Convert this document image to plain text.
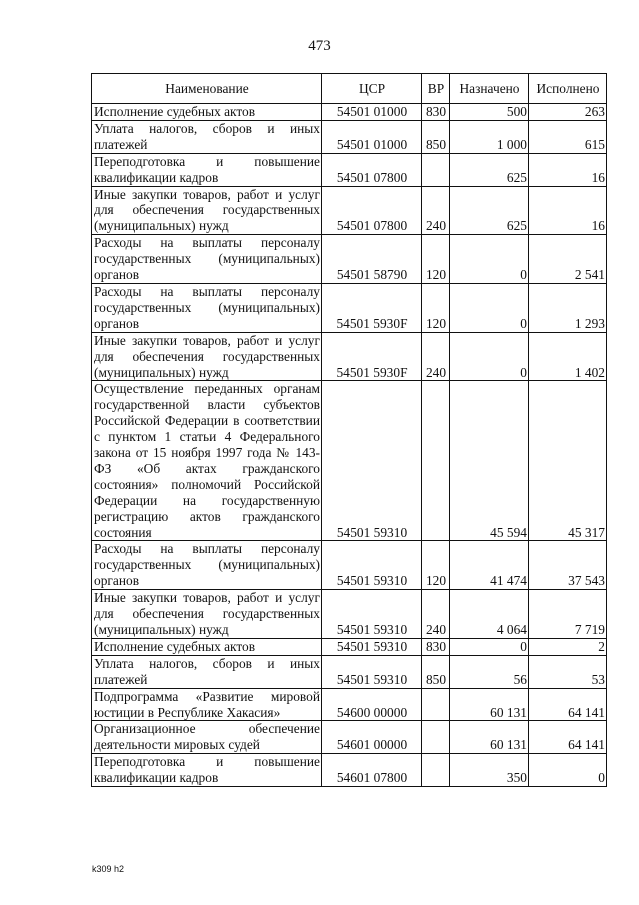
473
Наименование	ЦСР	ВР	Назначено	Исполнено
Исполнение судебных актов	54501 01000	830	500	263
Уплата налогов, сборов и иных платежей	54501 01000	850	1 000	615
Переподготовка и повышение квалификации кадров	54501 07800		625	16
Иные закупки товаров, работ и услуг для обеспечения государственных (муниципальных) нужд	54501 07800	240	625	16
Расходы на выплаты персоналу государственных (муниципальных) органов	54501 58790	120	0	2 541
Расходы на выплаты персоналу государственных (муниципальных) органов	54501 5930F	120	0	1 293
Иные закупки товаров, работ и услуг для обеспечения государственных (муниципальных) нужд	54501 5930F	240	0	1 402
Осуществление переданных органам государственной власти субъектов Российской Федерации в соответствии с пунктом 1 статьи 4 Федерального закона от 15 ноября 1997 года № 143-ФЗ «Об актах гражданского состояния» полномочий Российской Федерации на государственную регистрацию актов гражданского состояния	54501 59310		45 594	45 317
Расходы на выплаты персоналу государственных (муниципальных) органов	54501 59310	120	41 474	37 543
Иные закупки товаров, работ и услуг для обеспечения государственных (муниципальных) нужд	54501 59310	240	4 064	7 719
Исполнение судебных актов	54501 59310	830	0	2
Уплата налогов, сборов и иных платежей	54501 59310	850	56	53
Подпрограмма «Развитие мировой юстиции в Республике Хакасия»	54600 00000		60 131	64 141
Организационное обеспечение деятельности мировых судей	54601 00000		60 131	64 141
Переподготовка и повышение квалификации кадров	54601 07800		350	0
k309 h2
